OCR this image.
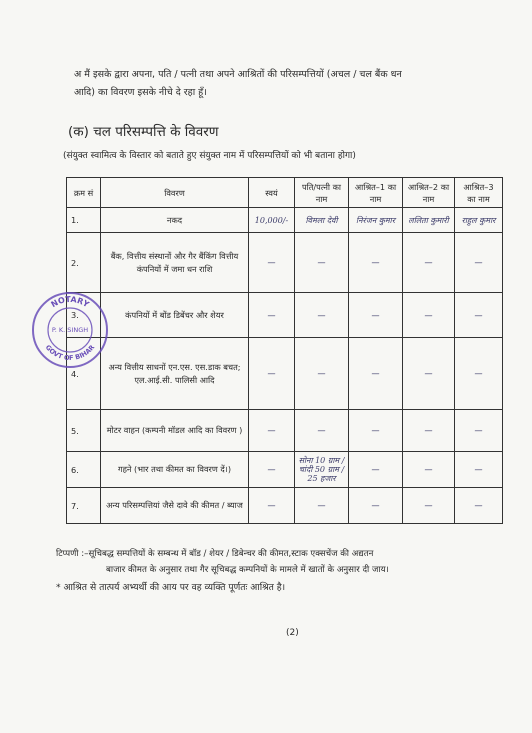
अ मैं इसके द्वारा अपना, पति / पत्नी तथा अपने आश्रितों की परिसम्पत्तियों (अचल / चल बैंक धन
आदि) का विवरण इसके नीचे दे रहा हूँ।
(क) चल परिसम्पत्ति के विवरण
(संयुक्त स्वामित्व के विस्तार को बताते हुए संयुक्त नाम में परिसम्पत्तियों को भी बताना होगा)
क्रम सं	विवरण	स्वयं	पति/पत्नी का नाम	आश्रित–1 का नाम	आश्रित–2 का नाम	आश्रित–3 का नाम
1.	नकद	10,000/-	विमला देवी	निरंजन कुमार	ललिता कुमारी	राहुल कुमार
2.	बैंक, वित्तीय संस्थानों और गैर बैंकिंग वित्तीय कंपनियों में जमा धन राशि	—	—	—	—	—
3.	कंपनियों में बोंड डिबेंचर और शेयर	—	—	—	—	—
4.	अन्य वित्तीय साधनों एन.एस. एस.डाक बचत; एल.आई.सी. पालिसी आदि	—	—	—	—	—
5.	मोटर वाहन (कम्पनी मॉडल आदि का विवरण )	—	—	—	—	—
6.	गहने (भार तथा कीमत का विवरण दें।)	—	सोना 10 ग्राम / चांदी 50 ग्राम / 25 हजार	—	—	—
7.	अन्य परिसम्पत्तियां जैसे दावे की कीमत / ब्याज	—	—	—	—	—
NOTARY
GOVT OF BIHAR
P. K. SINGH

टिप्पणी :–सूचिबद्ध सम्पत्तियों के सम्बन्ध में बॉड / शेयर / डिबेन्चर की कीमत,स्टाक एक्सचेंज की अद्यतन

बाजार कीमत के अनुसार तथा गैर सूचिबद्ध कम्पनियों के मामले में खातों के अनुसार दी जाय।

* आश्रित से तात्पर्य अभ्यर्थी की आय पर वह व्यक्ति पूर्णतः आश्रित है।

(2)
